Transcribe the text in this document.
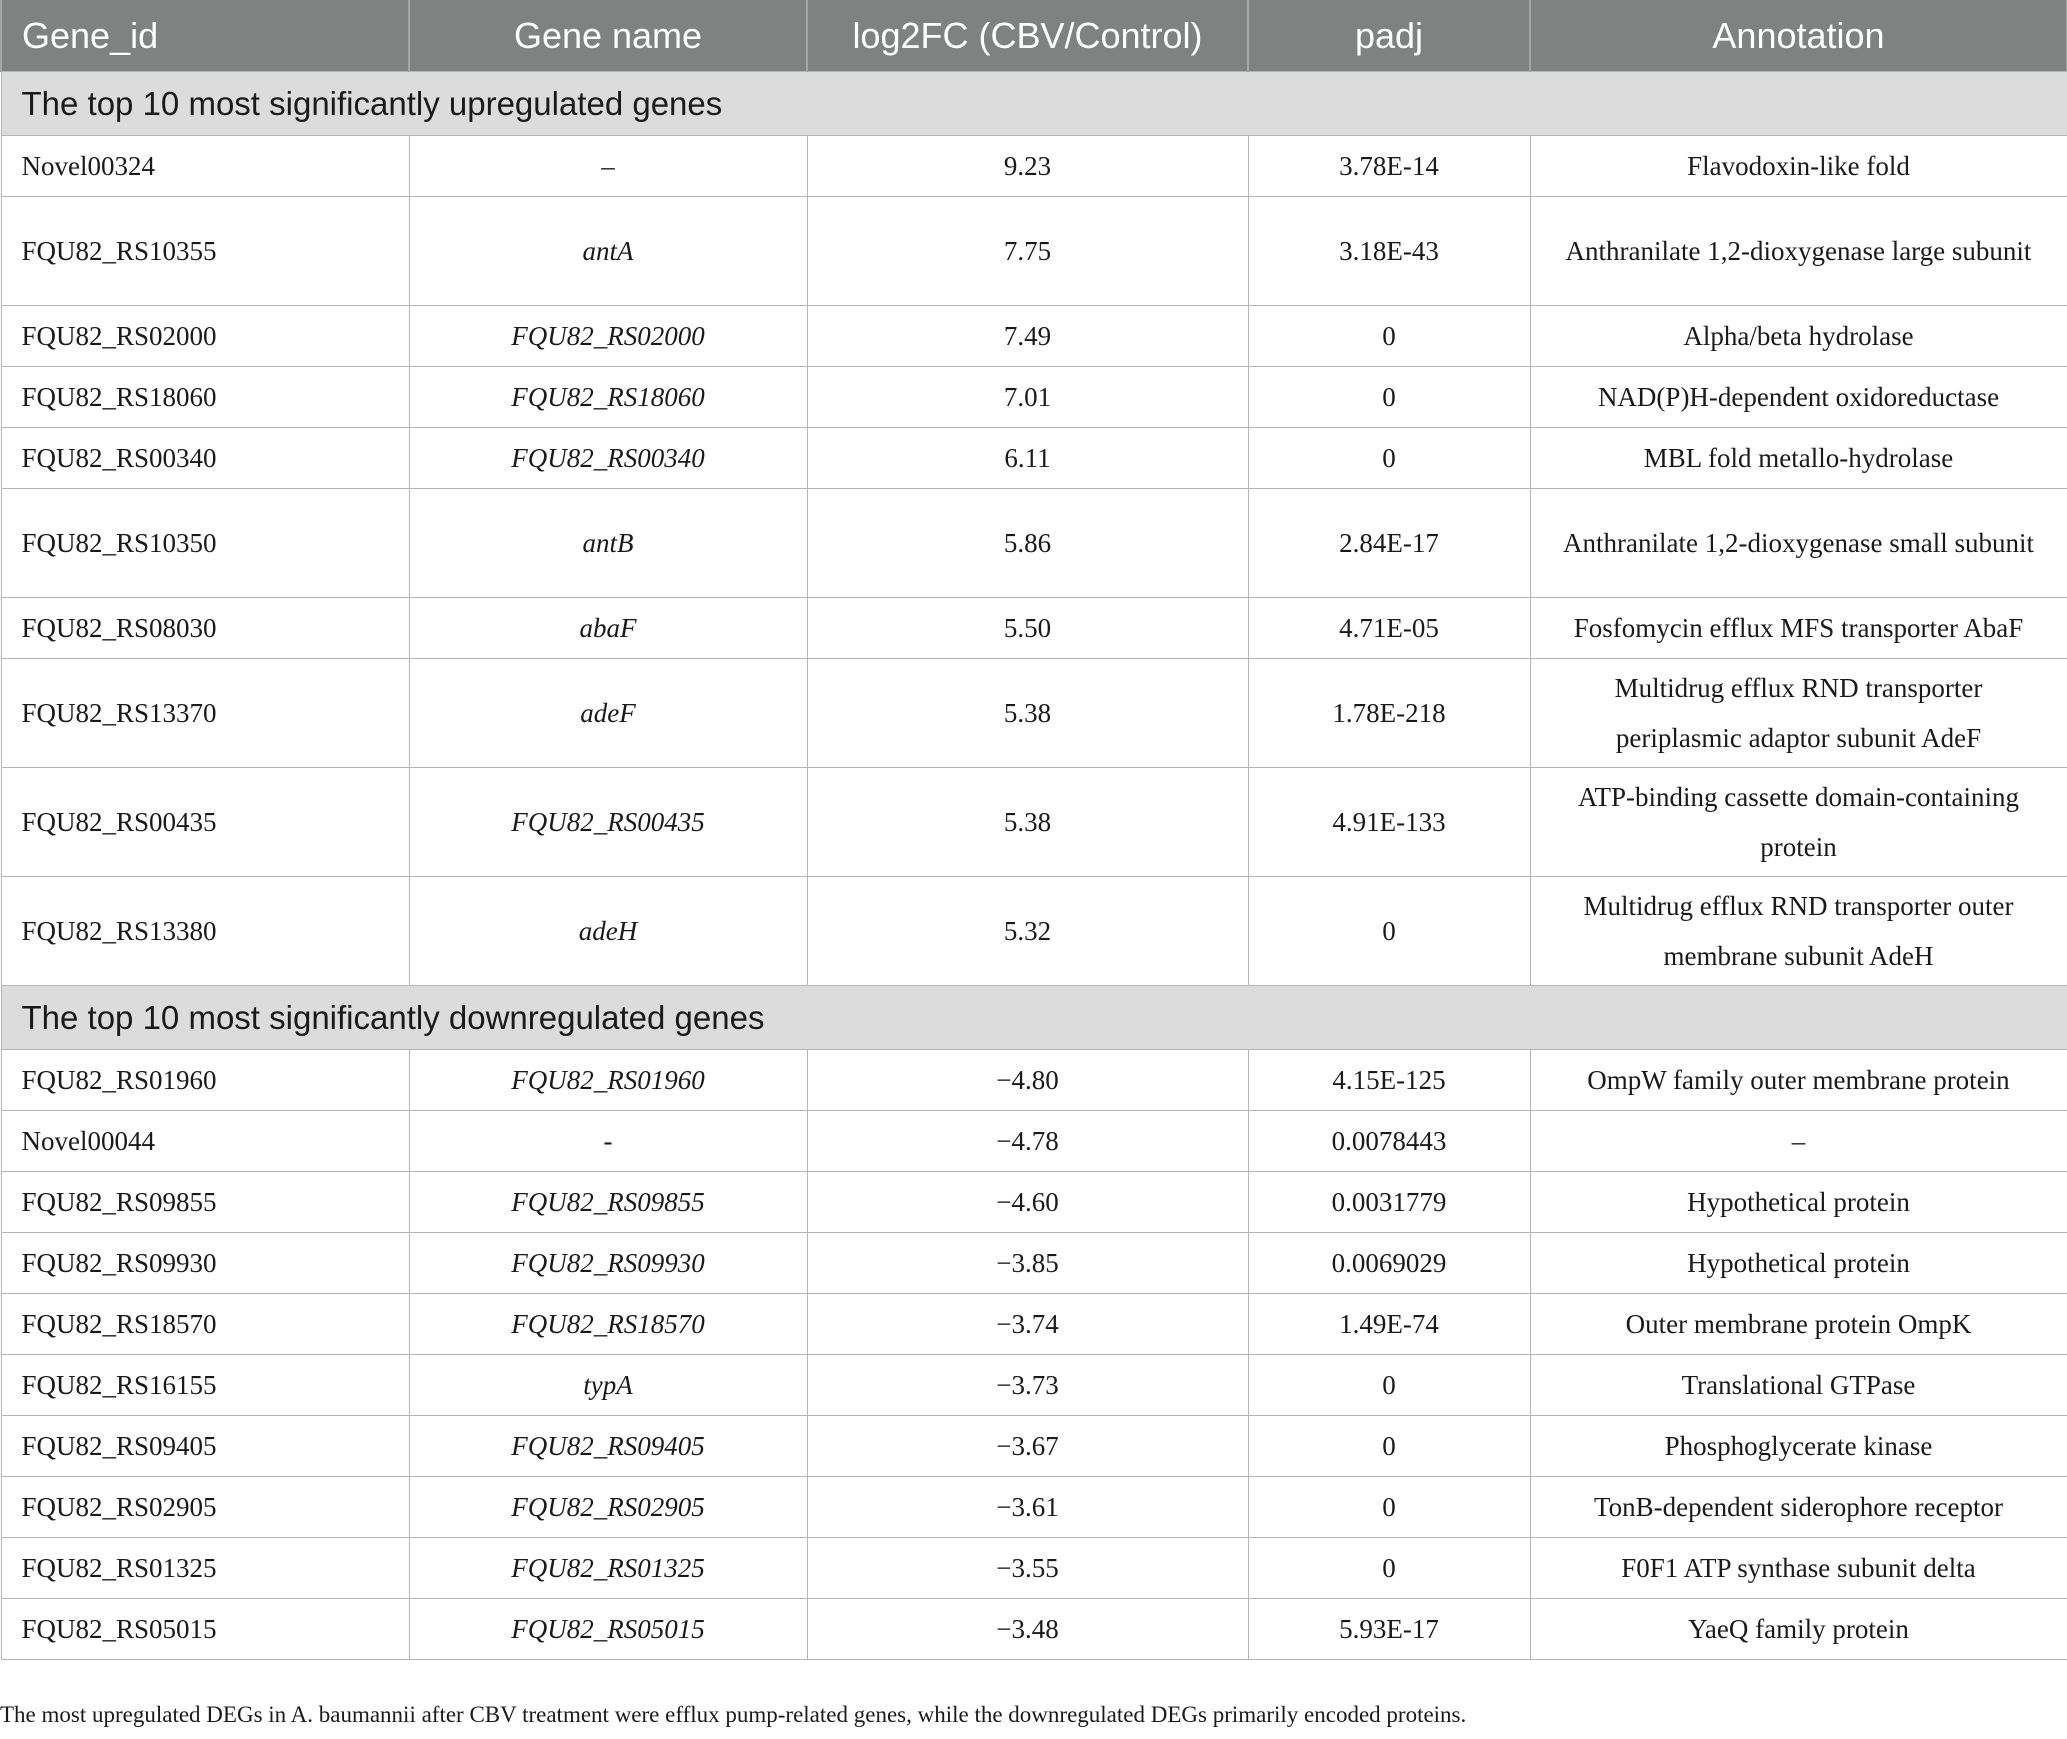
Gene_id	Gene name	log2FC (CBV/Control)	padj	Annotation
The top 10 most significantly upregulated genes				
Novel00324	–	9.23	3.78E-14	Flavodoxin-like fold
FQU82_RS10355	antA	7.75	3.18E-43	Anthranilate 1,2-dioxygenase large subunit
FQU82_RS02000	FQU82_RS02000	7.49	0	Alpha/beta hydrolase
FQU82_RS18060	FQU82_RS18060	7.01	0	NAD(P)H-dependent oxidoreductase
FQU82_RS00340	FQU82_RS00340	6.11	0	MBL fold metallo-hydrolase
FQU82_RS10350	antB	5.86	2.84E-17	Anthranilate 1,2-dioxygenase small subunit
FQU82_RS08030	abaF	5.50	4.71E-05	Fosfomycin efflux MFS transporter AbaF
FQU82_RS13370	adeF	5.38	1.78E-218	Multidrug efflux RND transporter periplasmic adaptor subunit AdeF
FQU82_RS00435	FQU82_RS00435	5.38	4.91E-133	ATP-binding cassette domain-containing protein
FQU82_RS13380	adeH	5.32	0	Multidrug efflux RND transporter outer membrane subunit AdeH
The top 10 most significantly downregulated genes				
FQU82_RS01960	FQU82_RS01960	−4.80	4.15E-125	OmpW family outer membrane protein
Novel00044	-	−4.78	0.0078443	–
FQU82_RS09855	FQU82_RS09855	−4.60	0.0031779	Hypothetical protein
FQU82_RS09930	FQU82_RS09930	−3.85	0.0069029	Hypothetical protein
FQU82_RS18570	FQU82_RS18570	−3.74	1.49E-74	Outer membrane protein OmpK
FQU82_RS16155	typA	−3.73	0	Translational GTPase
FQU82_RS09405	FQU82_RS09405	−3.67	0	Phosphoglycerate kinase
FQU82_RS02905	FQU82_RS02905	−3.61	0	TonB-dependent siderophore receptor
FQU82_RS01325	FQU82_RS01325	−3.55	0	F0F1 ATP synthase subunit delta
FQU82_RS05015	FQU82_RS05015	−3.48	5.93E-17	YaeQ family protein
The most upregulated DEGs in A. baumannii after CBV treatment were efflux pump-related genes, while the downregulated DEGs primarily encoded proteins.
